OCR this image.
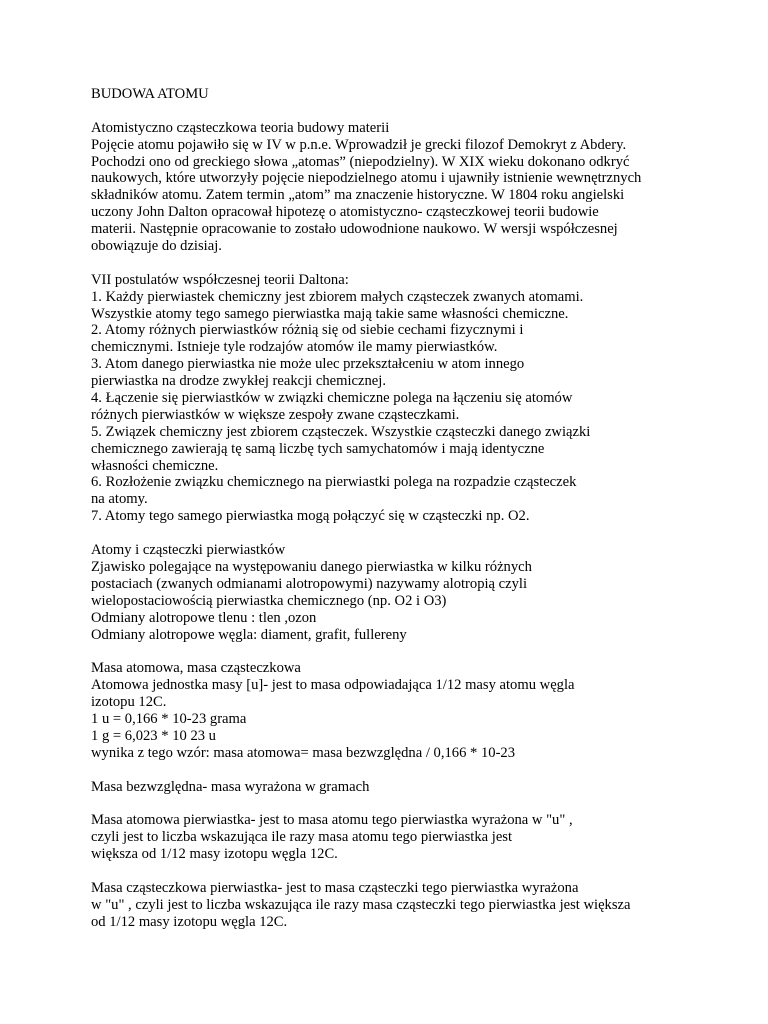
BUDOWA ATOMU
Atomistyczno cząsteczkowa teoria budowy materii
Pojęcie atomu pojawiło się w IV w p.n.e. Wprowadził je grecki filozof Demokryt z Abdery.
Pochodzi ono od greckiego słowa „atomas” (niepodzielny). W XIX wieku dokonano odkryć
naukowych, które utworzyły pojęcie niepodzielnego atomu i ujawniły istnienie wewnętrznych
składników atomu. Zatem termin „atom” ma znaczenie historyczne. W 1804 roku angielski
uczony John Dalton opracował hipotezę o atomistyczno- cząsteczkowej teorii budowie
materii. Następnie opracowanie to zostało udowodnione naukowo. W wersji współczesnej
obowiązuje do dzisiaj.
VII postulatów współczesnej teorii Daltona:
1. Każdy pierwiastek chemiczny jest zbiorem małych cząsteczek zwanych atomami.
Wszystkie atomy tego samego pierwiastka mają takie same własności chemiczne.
2. Atomy różnych pierwiastków różnią się od siebie cechami fizycznymi i
chemicznymi. Istnieje tyle rodzajów atomów ile mamy pierwiastków.
3. Atom danego pierwiastka nie może ulec przekształceniu w atom innego
pierwiastka na drodze zwykłej reakcji chemicznej.
4. Łączenie się pierwiastków w związki chemiczne polega na łączeniu się atomów
różnych pierwiastków w większe zespoły zwane cząsteczkami.
5. Związek chemiczny jest zbiorem cząsteczek. Wszystkie cząsteczki danego związki
chemicznego zawierają tę samą liczbę tych samychatomów i mają identyczne
własności chemiczne.
6. Rozłożenie związku chemicznego na pierwiastki polega na rozpadzie cząsteczek
na atomy.
7. Atomy tego samego pierwiastka mogą połączyć się w cząsteczki np. O2.
Atomy i cząsteczki pierwiastków
Zjawisko polegające na występowaniu danego pierwiastka w kilku różnych
postaciach (zwanych odmianami alotropowymi) nazywamy alotropią czyli
wielopostaciowością pierwiastka chemicznego (np. O2 i O3)
Odmiany alotropowe tlenu : tlen ,ozon
Odmiany alotropowe węgla: diament, grafit, fullereny
Masa atomowa, masa cząsteczkowa
Atomowa jednostka masy [u]- jest to masa odpowiadająca 1/12 masy atomu węgla
izotopu 12C.
1 u = 0,166 * 10-23 grama
1 g = 6,023 * 10 23 u
wynika z tego wzór: masa atomowa= masa bezwzględna / 0,166 * 10-23
Masa bezwzględna- masa wyrażona w gramach
Masa atomowa pierwiastka- jest to masa atomu tego pierwiastka wyrażona w "u" ,
czyli jest to liczba wskazująca ile razy masa atomu tego pierwiastka jest
większa od 1/12 masy izotopu węgla 12C.
Masa cząsteczkowa pierwiastka- jest to masa cząsteczki tego pierwiastka wyrażona
w "u" , czyli jest to liczba wskazująca ile razy masa cząsteczki tego pierwiastka jest większa
od 1/12 masy izotopu węgla 12C.
